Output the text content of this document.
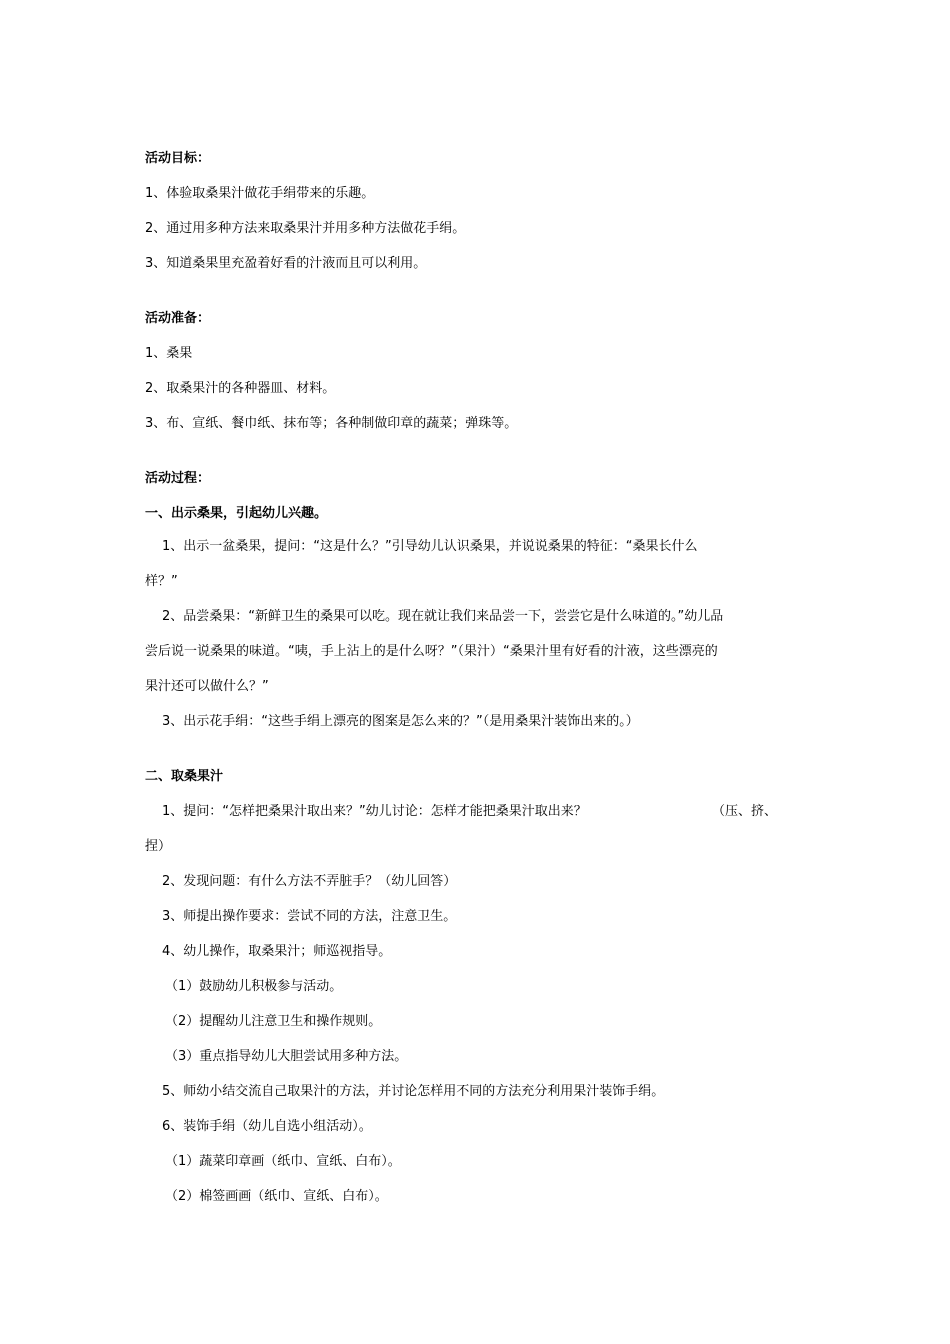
活动目标：
1、体验取桑果汁做花手绢带来的乐趣。
2、通过用多种方法来取桑果汁并用多种方法做花手绢。
3、知道桑果里充盈着好看的汁液而且可以利用。
活动准备：
1、桑果
2、取桑果汁的各种器皿、材料。
3、布、宣纸、餐巾纸、抹布等；各种制做印章的蔬菜；弹珠等。
活动过程：
一、出示桑果，引起幼儿兴趣。
1、出示一盆桑果，提问：“这是什么？”引导幼儿认识桑果，并说说桑果的特征：“桑果长什么
样？”
2、品尝桑果：“新鲜卫生的桑果可以吃。现在就让我们来品尝一下，尝尝它是什么味道的。”幼儿品
尝后说一说桑果的味道。“咦，手上沾上的是什么呀？”（果汁）“桑果汁里有好看的汁液，这些漂亮的
果汁还可以做什么？”
3、出示花手绢：“这些手绢上漂亮的图案是怎么来的？”（是用桑果汁装饰出来的。）
二、取桑果汁
1、提问：“怎样把桑果汁取出来？”幼儿讨论：怎样才能把桑果汁取出来？	（压、挤、
捏）
2、发现问题：有什么方法不弄脏手？（幼儿回答）
3、师提出操作要求：尝试不同的方法，注意卫生。
4、幼儿操作，取桑果汁；师巡视指导。
（1）鼓励幼儿积极参与活动。
（2）提醒幼儿注意卫生和操作规则。
（3）重点指导幼儿大胆尝试用多种方法。
5、师幼小结交流自己取果汁的方法，并讨论怎样用不同的方法充分利用果汁装饰手绢。
6、装饰手绢（幼儿自选小组活动）。
（1）蔬菜印章画（纸巾、宣纸、白布）。
（2）棉签画画（纸巾、宣纸、白布）。
